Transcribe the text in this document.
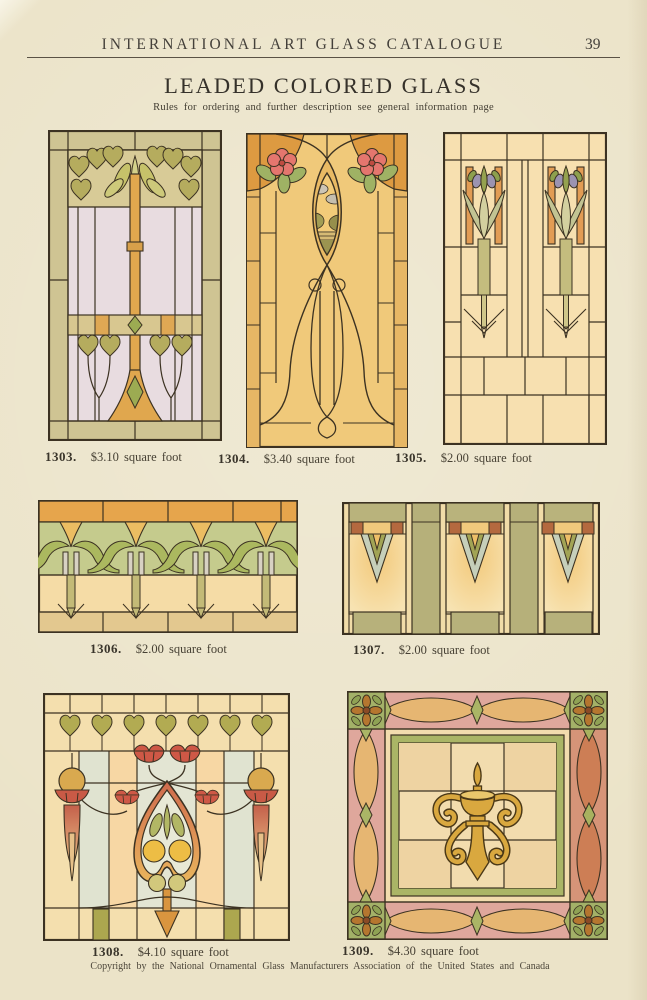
INTERNATIONAL ART GLASS CATALOGUE	39
LEADED COLORED GLASS
Rules for ordering and further description see general information page
1303. $3.10 square foot	1304. $3.40 square foot	1305. $2.00 square foot
1306. $2.00 square foot	1307. $2.00 square foot
1308. $4.10 square foot	1309. $4.30 square foot
Copyright by the National Ornamental Glass Manufacturers Association of the United States and Canada
